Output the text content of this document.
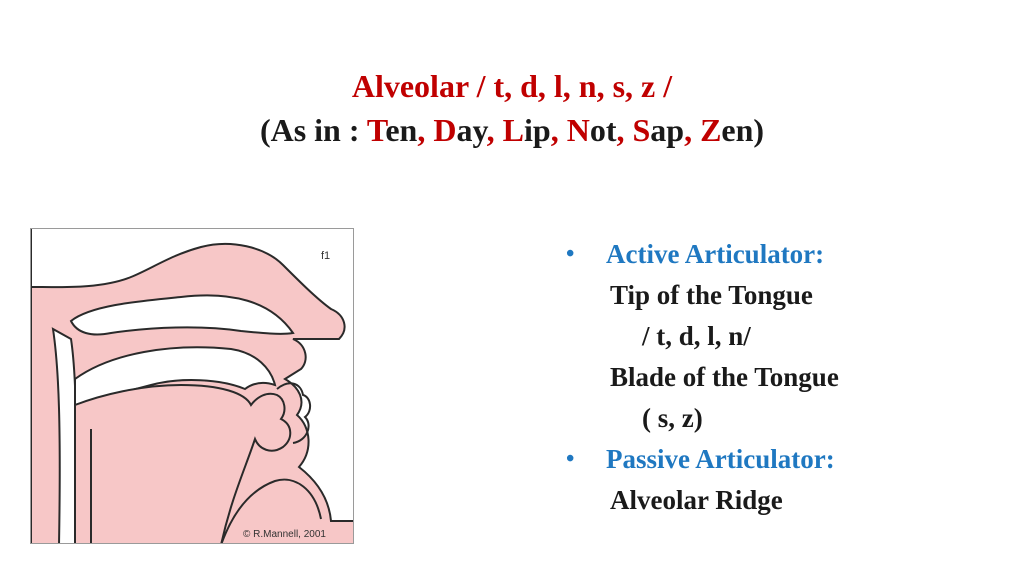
Alveolar / t, d, l, n, s, z /
(As in : Ten, Day, Lip, Not, Sap, Zen)
f1
© R.Mannell, 2001
• Active Articulator:
Tip of the Tongue
/ t, d, l, n/
Blade of the Tongue
( s, z)
• Passive Articulator:
Alveolar Ridge
